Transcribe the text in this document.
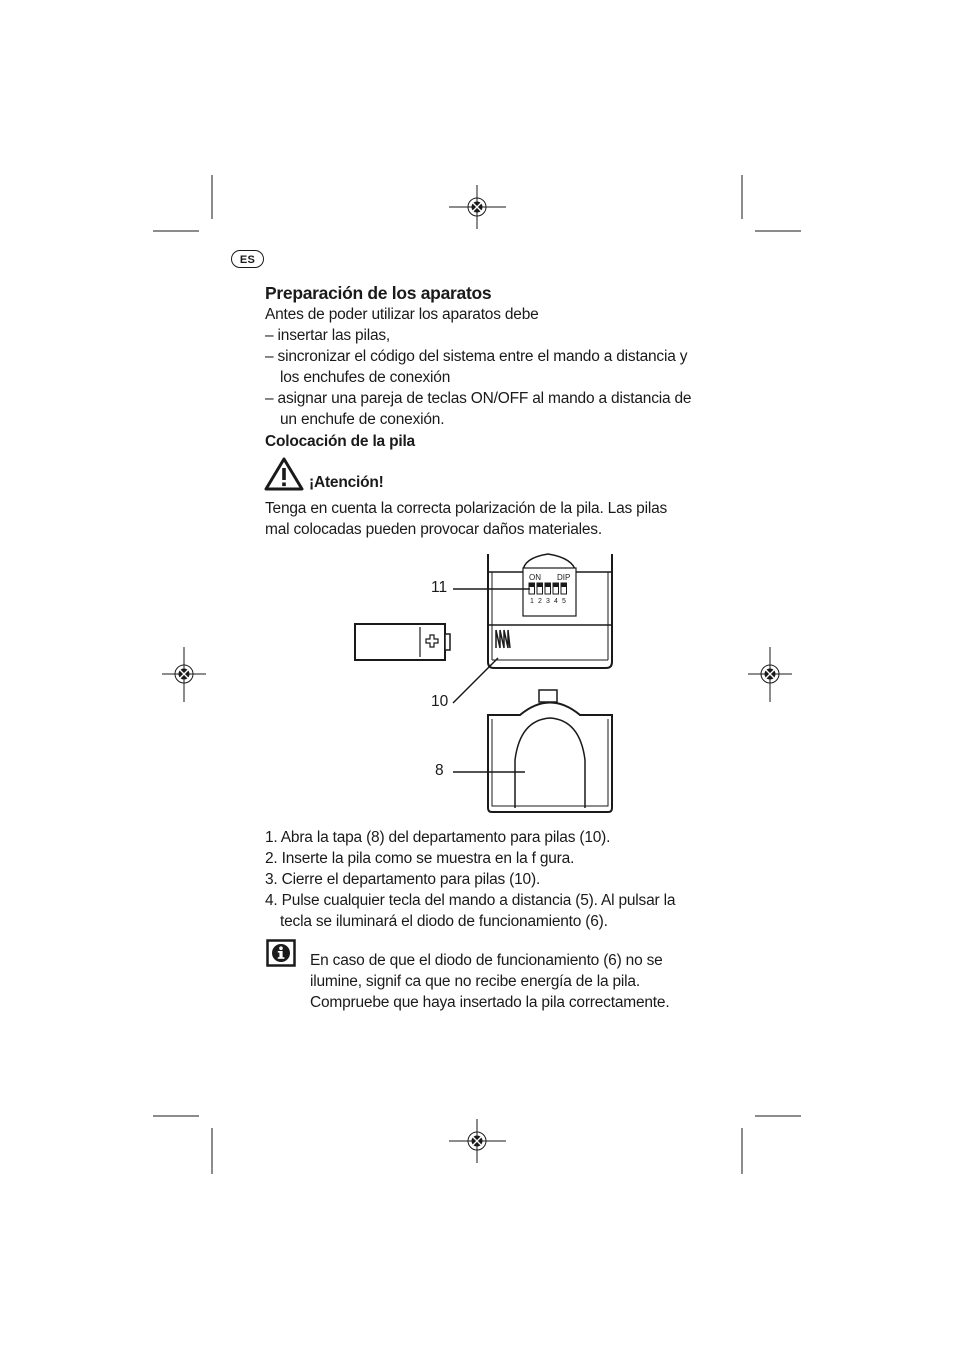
ES
Preparación de los aparatos
Antes de poder utilizar los aparatos debe
– insertar las pilas,
– sincronizar el código del sistema entre el mando a distancia y
los enchufes de conexión
– asignar una pareja de teclas ON/OFF al mando a distancia de
un enchufe de conexión.
Colocación de la pila
¡Atención!
Tenga en cuenta la correcta polarización de la pila. Las pilas
mal colocadas pueden provocar daños materiales.
ON DIP
1 2 3 4 5
11
10
8
1. Abra la tapa (8) del departamento para pilas (10).
2. Inserte la pila como se muestra en la f gura.
3. Cierre el departamento para pilas (10).
4. Pulse cualquier tecla del mando a distancia (5). Al pulsar la
tecla se iluminará el diodo de funcionamiento (6).
En caso de que el diodo de funcionamiento (6) no se
ilumine, signif ca que no recibe energía de la pila.
Compruebe que haya insertado la pila correctamente.
